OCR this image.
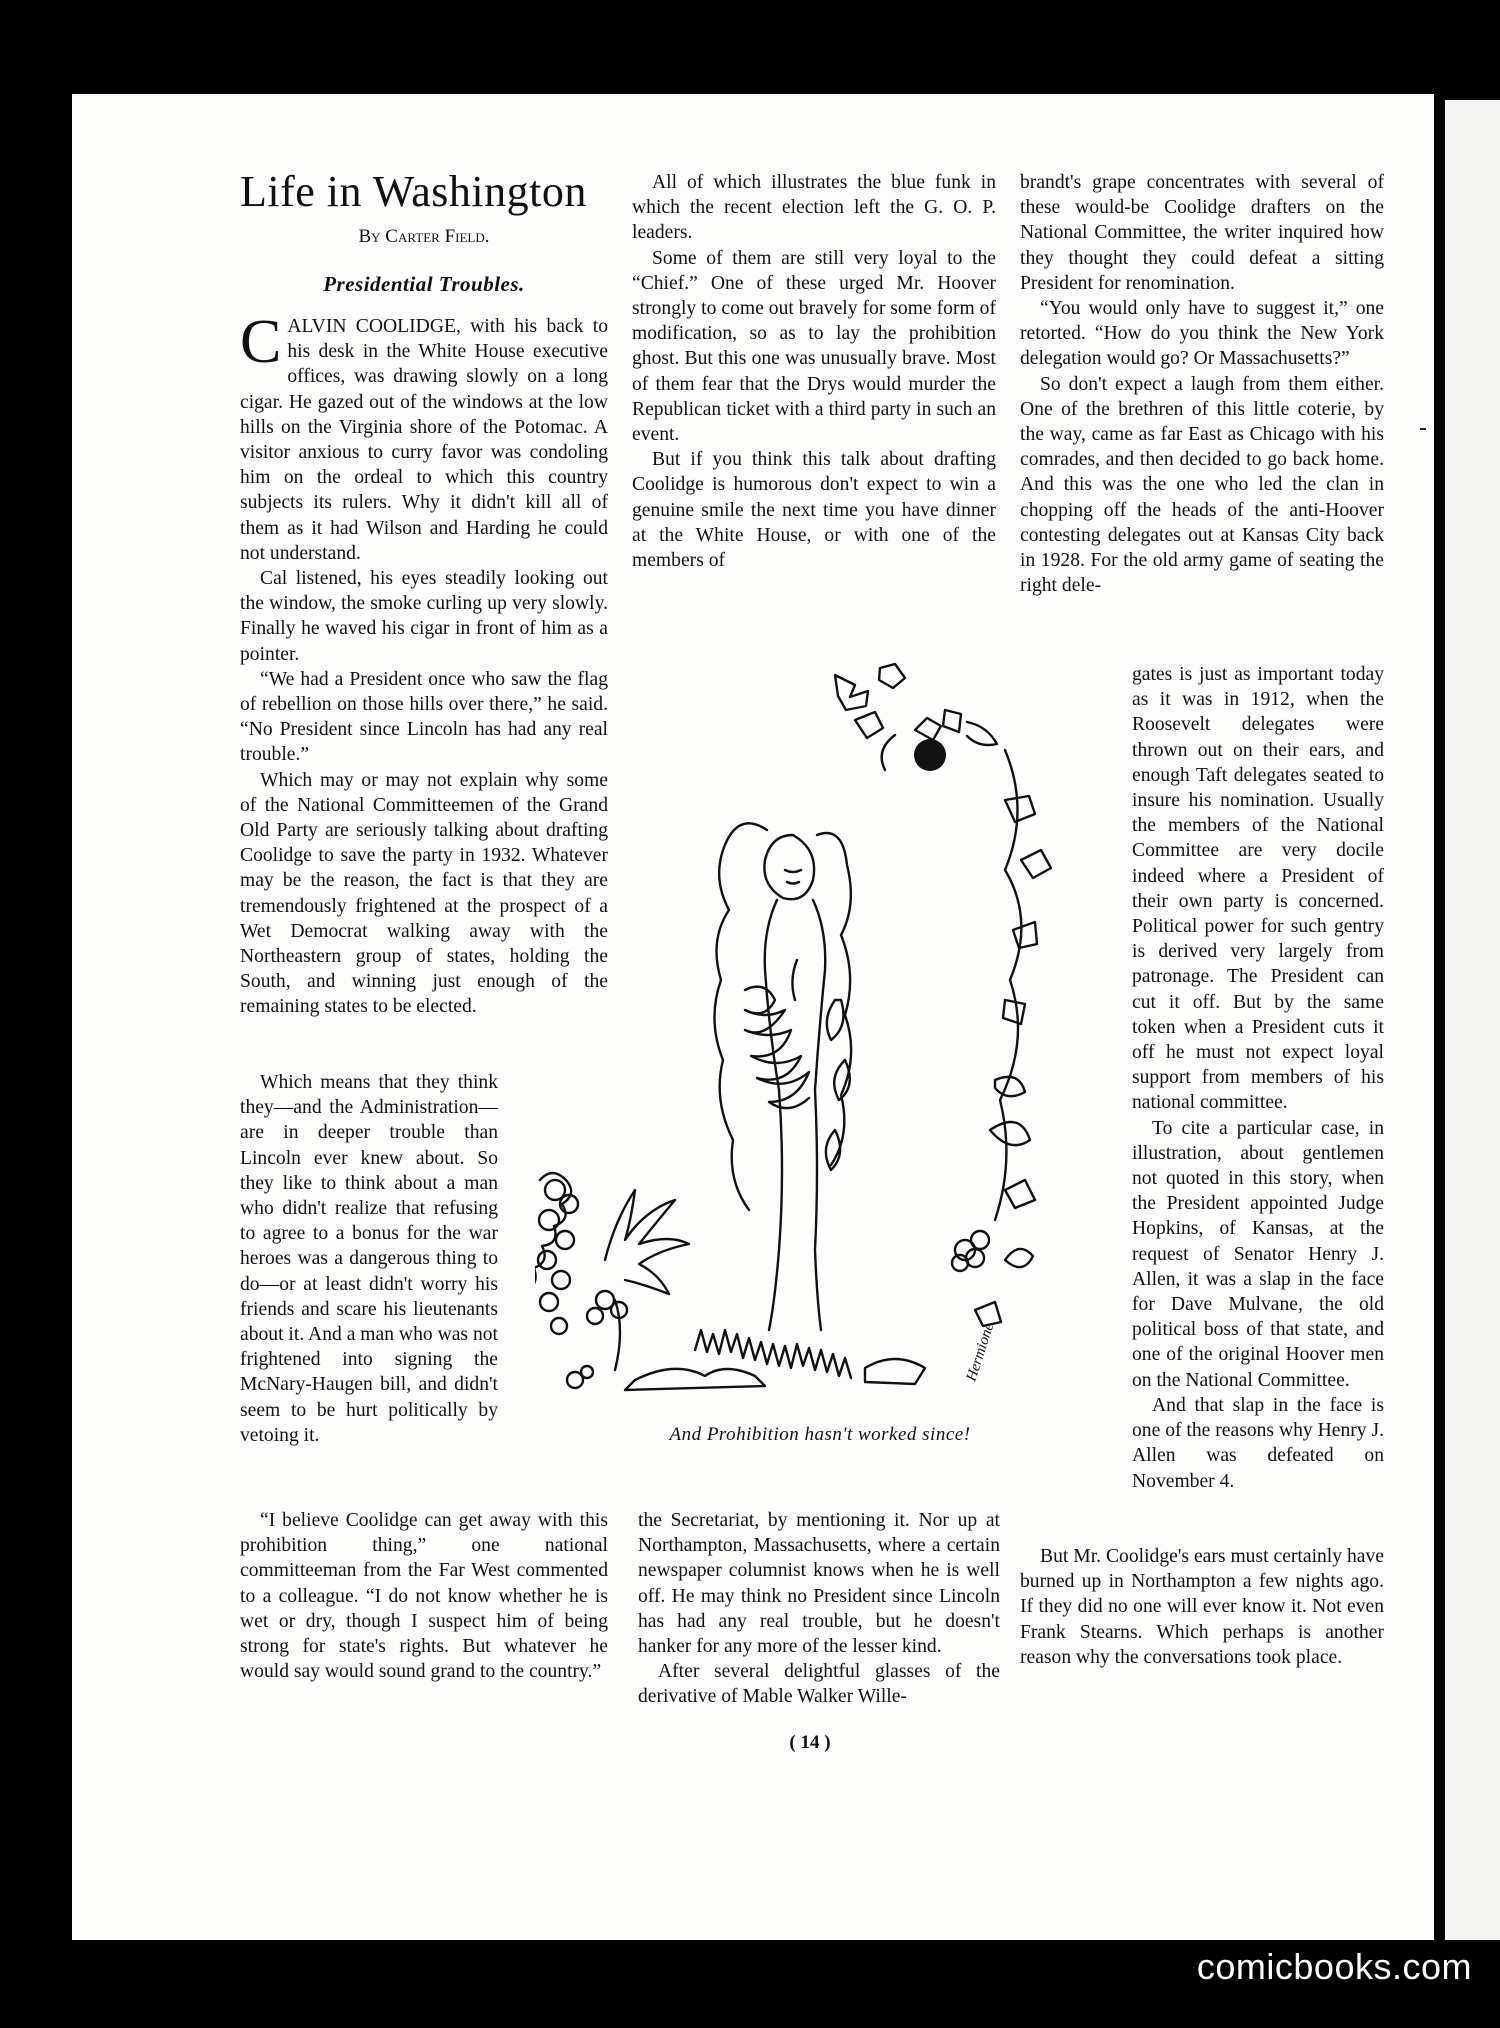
Life in Washington
By Carter Field.
Presidential Troubles.

CALVIN COOLIDGE, with his back to his desk in the White House executive offices, was drawing slowly on a long cigar. He gazed out of the windows at the low hills on the Virginia shore of the Potomac. A visitor anxious to curry favor was condoling him on the ordeal to which this country subjects its rulers. Why it didn't kill all of them as it had Wilson and Harding he could not understand.

Cal listened, his eyes steadily looking out the window, the smoke curling up very slowly. Finally he waved his cigar in front of him as a pointer.

“We had a President once who saw the flag of rebellion on those hills over there,” he said. “No President since Lincoln has had any real trouble.”

Which may or may not explain why some of the National Committeemen of the Grand Old Party are seriously talking about drafting Coolidge to save the party in 1932. Whatever may be the reason, the fact is that they are tremendously frightened at the prospect of a Wet Democrat walking away with the Northeastern group of states, holding the South, and winning just enough of the remaining states to be elected.

Which means that they think they—and the Administration—are in deeper trouble than Lincoln ever knew about. So they like to think about a man who didn't realize that refusing to agree to a bonus for the war heroes was a dangerous thing to do—or at least didn't worry his friends and scare his lieutenants about it. And a man who was not frightened into signing the McNary-Haugen bill, and didn't seem to be hurt politically by vetoing it.

“I believe Coolidge can get away with this prohibition thing,” one national committeeman from the Far West commented to a colleague. “I do not know whether he is wet or dry, though I suspect him of being strong for state's rights. But whatever he would say would sound grand to the country.”

All of which illustrates the blue funk in which the recent election left the G. O. P. leaders.

Some of them are still very loyal to the “Chief.” One of these urged Mr. Hoover strongly to come out bravely for some form of modification, so as to lay the prohibition ghost. But this one was unusually brave. Most of them fear that the Drys would murder the Republican ticket with a third party in such an event.

But if you think this talk about drafting Coolidge is humorous don't expect to win a genuine smile the next time you have dinner at the White House, or with one of the members of

the Secretariat, by mentioning it. Nor up at Northampton, Massachusetts, where a certain newspaper columnist knows when he is well off. He may think no President since Lincoln has had any real trouble, but he doesn't hanker for any more of the lesser kind.

After several delightful glasses of the derivative of Mable Walker Wille-

brandt's grape concentrates with several of these would-be Coolidge drafters on the National Committee, the writer inquired how they thought they could defeat a sitting President for renomination.

“You would only have to suggest it,” one retorted. “How do you think the New York delegation would go? Or Massachusetts?”

So don't expect a laugh from them either. One of the brethren of this little coterie, by the way, came as far East as Chicago with his comrades, and then decided to go back home. And this was the one who led the clan in chopping off the heads of the anti-Hoover contesting delegates out at Kansas City back in 1928. For the old army game of seating the right dele-

gates is just as important today as it was in 1912, when the Roosevelt delegates were thrown out on their ears, and enough Taft delegates seated to insure his nomination. Usually the members of the National Committee are very docile indeed where a President of their own party is concerned. Political power for such gentry is derived very largely from patronage. The President can cut it off. But by the same token when a President cuts it off he must not expect loyal support from members of his national committee.

To cite a particular case, in illustration, about gentlemen not quoted in this story, when the President appointed Judge Hopkins, of Kansas, at the request of Senator Henry J. Allen, it was a slap in the face for Dave Mulvane, the old political boss of that state, and one of the original Hoover men on the National Committee.

And that slap in the face is one of the reasons why Henry J. Allen was defeated on November 4.

But Mr. Coolidge's ears must certainly have burned up in Northampton a few nights ago. If they did no one will ever know it. Not even Frank Stearns. Which perhaps is another reason why the conversations took place.

Hermione
And Prohibition hasn't worked since!
( 14 )
comicbooks.com
